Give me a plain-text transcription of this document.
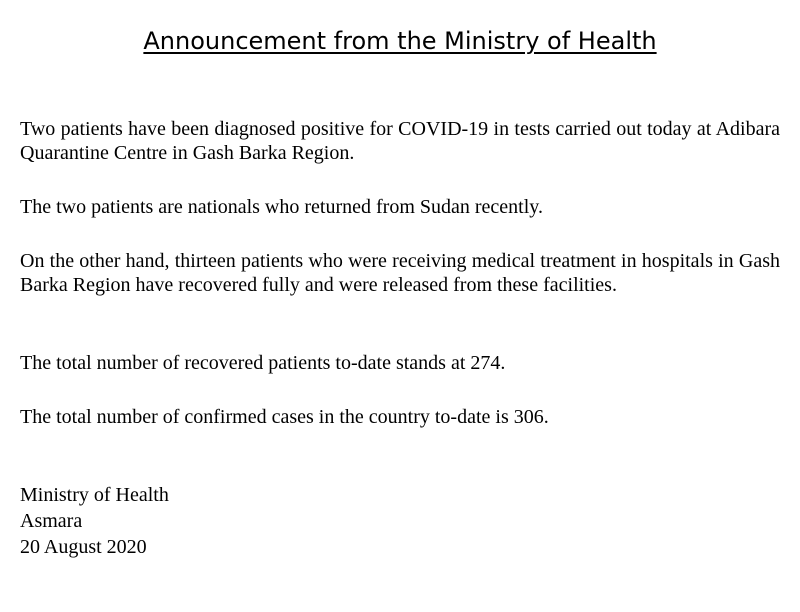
Announcement from the Ministry of Health

Two patients have been diagnosed positive for COVID-19 in tests carried out today at Adibara Quarantine Centre in Gash Barka Region.

The two patients are nationals who returned from Sudan recently.

On the other hand, thirteen patients who were receiving medical treatment in hospitals in Gash Barka Region have recovered fully and were released from these facilities.

The total number of recovered patients to-date stands at 274.

The total number of confirmed cases in the country to-date is 306.

Ministry of Health
Asmara
20 August 2020
